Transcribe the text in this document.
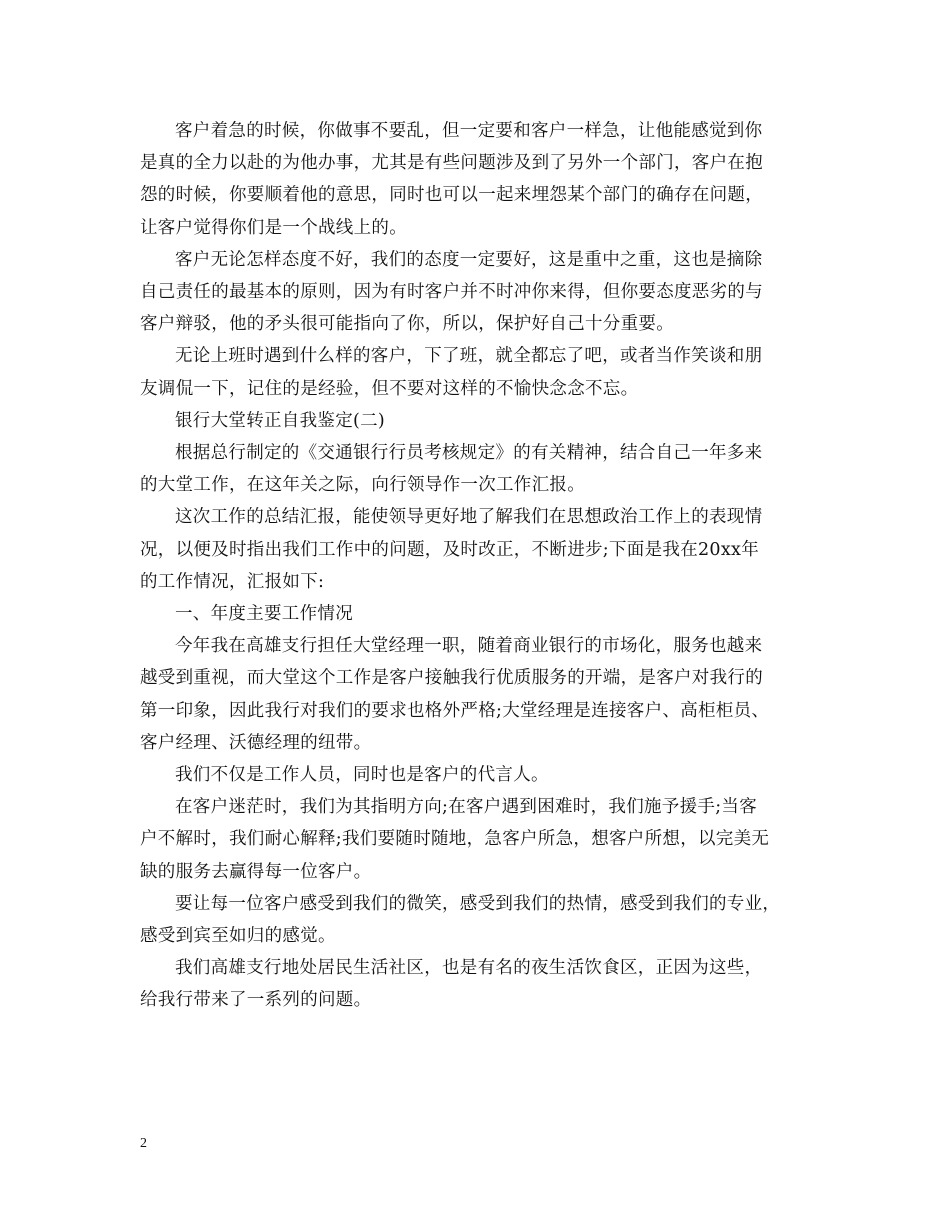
客户着急的时候，你做事不要乱，但一定要和客户一样急，让他能感觉到你
是真的全力以赴的为他办事，尤其是有些问题涉及到了另外一个部门，客户在抱
怨的时候，你要顺着他的意思，同时也可以一起来埋怨某个部门的确存在问题，
让客户觉得你们是一个战线上的。

客户无论怎样态度不好，我们的态度一定要好，这是重中之重，这也是摘除
自己责任的最基本的原则，因为有时客户并不时冲你来得，但你要态度恶劣的与
客户辩驳，他的矛头很可能指向了你，所以，保护好自己十分重要。

无论上班时遇到什么样的客户，下了班，就全都忘了吧，或者当作笑谈和朋
友调侃一下，记住的是经验，但不要对这样的不愉快念念不忘。

银行大堂转正自我鉴定(二)

根据总行制定的《交通银行行员考核规定》的有关精神，结合自己一年多来
的大堂工作，在这年关之际，向行领导作一次工作汇报。

这次工作的总结汇报，能使领导更好地了解我们在思想政治工作上的表现情
况，以便及时指出我们工作中的问题，及时改正，不断进步;下面是我在20xx年
的工作情况，汇报如下:

一、年度主要工作情况

今年我在高雄支行担任大堂经理一职，随着商业银行的市场化，服务也越来
越受到重视，而大堂这个工作是客户接触我行优质服务的开端，是客户对我行的
第一印象，因此我行对我们的要求也格外严格;大堂经理是连接客户、高柜柜员、
客户经理、沃德经理的纽带。

我们不仅是工作人员，同时也是客户的代言人。

在客户迷茫时，我们为其指明方向;在客户遇到困难时，我们施予援手;当客
户不解时，我们耐心解释;我们要随时随地，急客户所急，想客户所想，以完美无
缺的服务去赢得每一位客户。

要让每一位客户感受到我们的微笑，感受到我们的热情，感受到我们的专业，
感受到宾至如归的感觉。

我们高雄支行地处居民生活社区，也是有名的夜生活饮食区，正因为这些，
给我行带来了一系列的问题。

2
